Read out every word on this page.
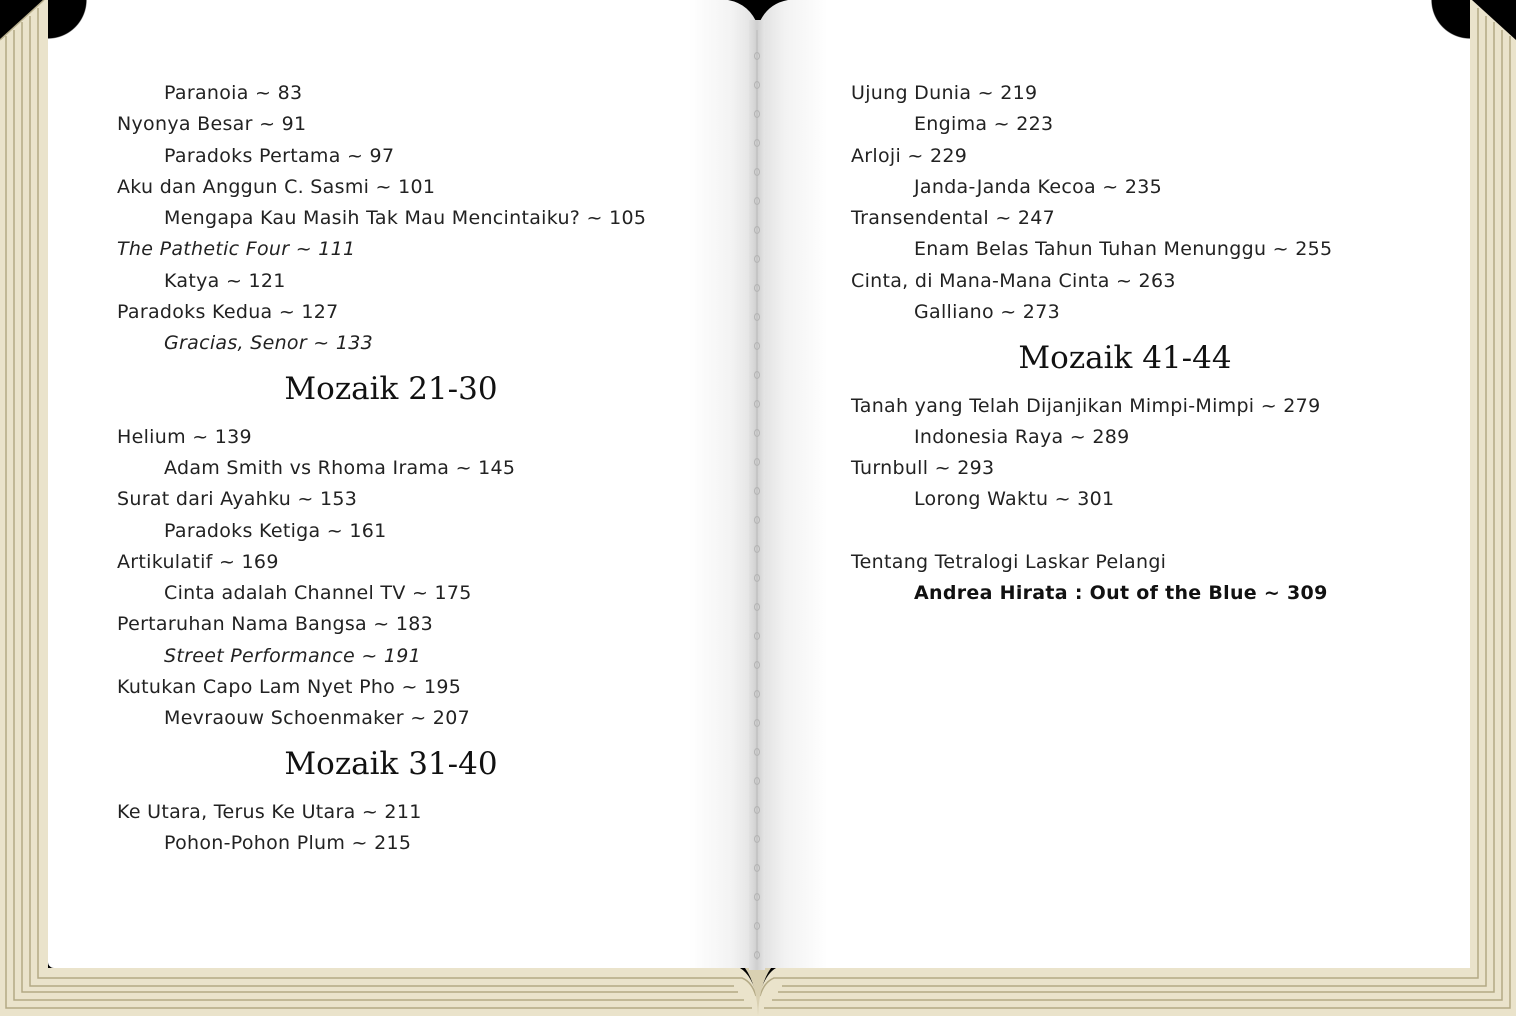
Paranoia ~ 83
Nyonya Besar ~ 91
Paradoks Pertama ~ 97
Aku dan Anggun C. Sasmi ~ 101
Mengapa Kau Masih Tak Mau Mencintaiku? ~ 105
The Pathetic Four ~ 111
Katya ~ 121
Paradoks Kedua ~ 127
Gracias, Senor ~ 133
Mozaik 21-30
Helium ~ 139
Adam Smith vs Rhoma Irama ~ 145
Surat dari Ayahku ~ 153
Paradoks Ketiga ~ 161
Artikulatif ~ 169
Cinta adalah Channel TV ~ 175
Pertaruhan Nama Bangsa ~ 183
Street Performance ~ 191
Kutukan Capo Lam Nyet Pho ~ 195
Mevraouw Schoenmaker ~ 207
Mozaik 31-40
Ke Utara, Terus Ke Utara ~ 211
Pohon-Pohon Plum ~ 215
Ujung Dunia ~ 219
Engima ~ 223
Arloji ~ 229
Janda-Janda Kecoa ~ 235
Transendental ~ 247
Enam Belas Tahun Tuhan Menunggu ~ 255
Cinta, di Mana-Mana Cinta ~ 263
Galliano ~ 273
Mozaik 41-44
Tanah yang Telah Dijanjikan Mimpi-Mimpi ~ 279
Indonesia Raya ~ 289
Turnbull ~ 293
Lorong Waktu ~ 301
Tentang Tetralogi Laskar Pelangi
Andrea Hirata : Out of the Blue ~ 309
